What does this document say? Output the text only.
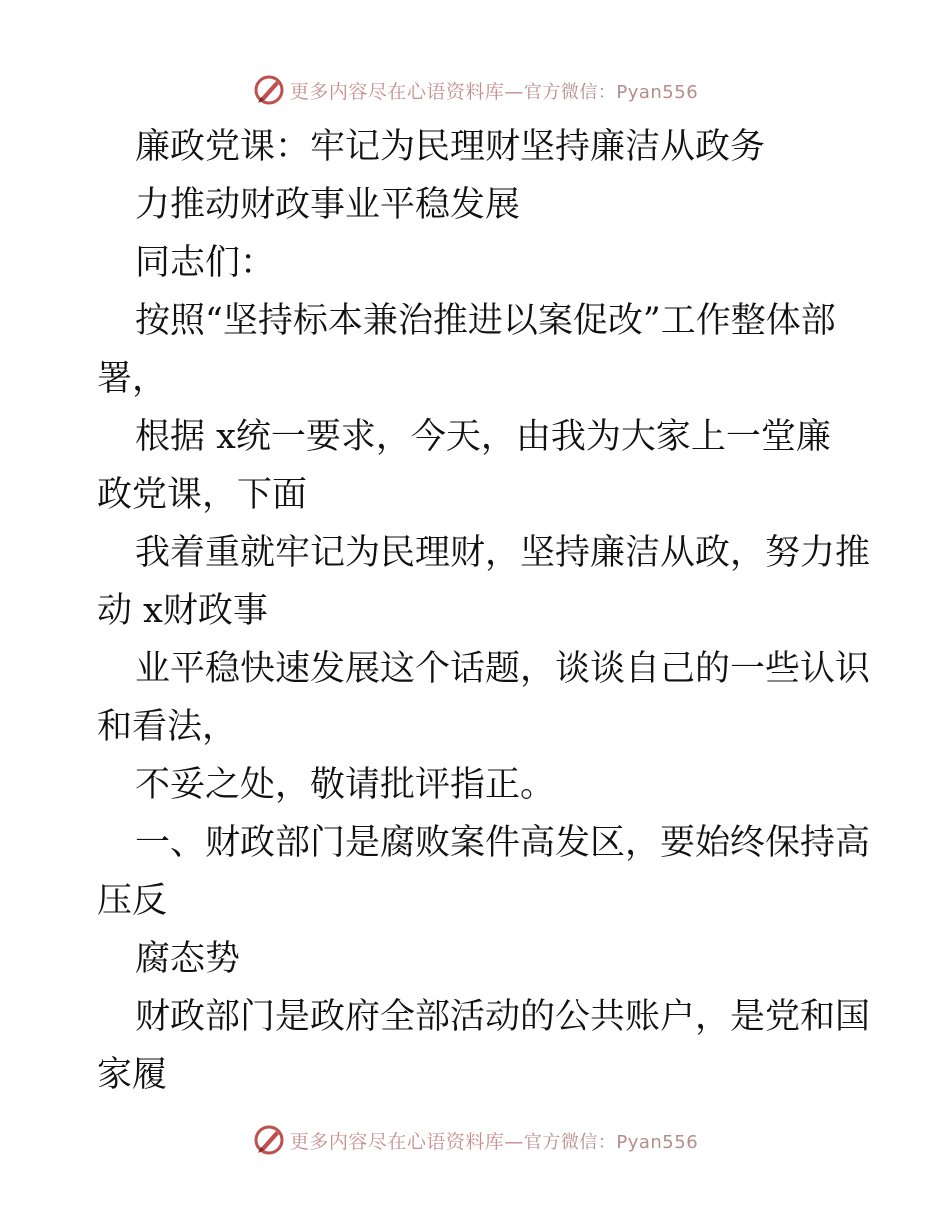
更多内容尽在心语资料库—官方微信：Pyan556
廉政党课：牢记为民理财坚持廉洁从政务
力推动财政事业平稳发展
同志们：
按照“坚持标本兼治推进以案促改”工作整体部
署，
根据 x统一要求，今天，由我为大家上一堂廉
政党课，下面
我着重就牢记为民理财，坚持廉洁从政，努力推
动 x财政事
业平稳快速发展这个话题，谈谈自己的一些认识
和看法，
不妥之处，敬请批评指正。
一、财政部门是腐败案件高发区，要始终保持高
压反
腐态势
财政部门是政府全部活动的公共账户，是党和国
家履
更多内容尽在心语资料库—官方微信：Pyan556
